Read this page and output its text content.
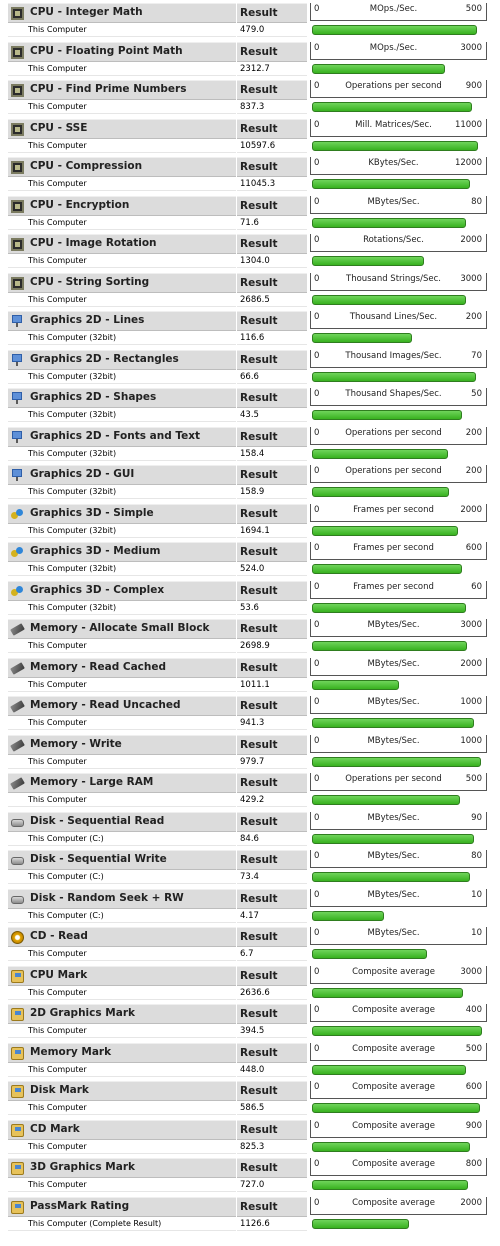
CPU - Integer Math	Result
This Computer	479.0
0	MOps./Sec.	500
CPU - Floating Point Math	Result
This Computer	2312.7
0	MOps./Sec.	3000
CPU - Find Prime Numbers	Result
This Computer	837.3
0	Operations per second	900
CPU - SSE	Result
This Computer	10597.6
0	Mill. Matrices/Sec.	11000
CPU - Compression	Result
This Computer	11045.3
0	KBytes/Sec.	12000
CPU - Encryption	Result
This Computer	71.6
0	MBytes/Sec.	80
CPU - Image Rotation	Result
This Computer	1304.0
0	Rotations/Sec.	2000
CPU - String Sorting	Result
This Computer	2686.5
0	Thousand Strings/Sec.	3000
Graphics 2D - Lines	Result
This Computer (32bit)	116.6
0	Thousand Lines/Sec.	200
Graphics 2D - Rectangles	Result
This Computer (32bit)	66.6
0	Thousand Images/Sec.	70
Graphics 2D - Shapes	Result
This Computer (32bit)	43.5
0	Thousand Shapes/Sec.	50
Graphics 2D - Fonts and Text	Result
This Computer (32bit)	158.4
0	Operations per second	200
Graphics 2D - GUI	Result
This Computer (32bit)	158.9
0	Operations per second	200
Graphics 3D - Simple	Result
This Computer (32bit)	1694.1
0	Frames per second	2000
Graphics 3D - Medium	Result
This Computer (32bit)	524.0
0	Frames per second	600
Graphics 3D - Complex	Result
This Computer (32bit)	53.6
0	Frames per second	60
Memory - Allocate Small Block	Result
This Computer	2698.9
0	MBytes/Sec.	3000
Memory - Read Cached	Result
This Computer	1011.1
0	MBytes/Sec.	2000
Memory - Read Uncached	Result
This Computer	941.3
0	MBytes/Sec.	1000
Memory - Write	Result
This Computer	979.7
0	MBytes/Sec.	1000
Memory - Large RAM	Result
This Computer	429.2
0	Operations per second	500
Disk - Sequential Read	Result
This Computer (C:)	84.6
0	MBytes/Sec.	90
Disk - Sequential Write	Result
This Computer (C:)	73.4
0	MBytes/Sec.	80
Disk - Random Seek + RW	Result
This Computer (C:)	4.17
0	MBytes/Sec.	10
CD - Read	Result
This Computer	6.7
0	MBytes/Sec.	10
CPU Mark	Result
This Computer	2636.6
0	Composite average	3000
2D Graphics Mark	Result
This Computer	394.5
0	Composite average	400
Memory Mark	Result
This Computer	448.0
0	Composite average	500
Disk Mark	Result
This Computer	586.5
0	Composite average	600
CD Mark	Result
This Computer	825.3
0	Composite average	900
3D Graphics Mark	Result
This Computer	727.0
0	Composite average	800
PassMark Rating	Result
This Computer (Complete Result)	1126.6
0	Composite average	2000
